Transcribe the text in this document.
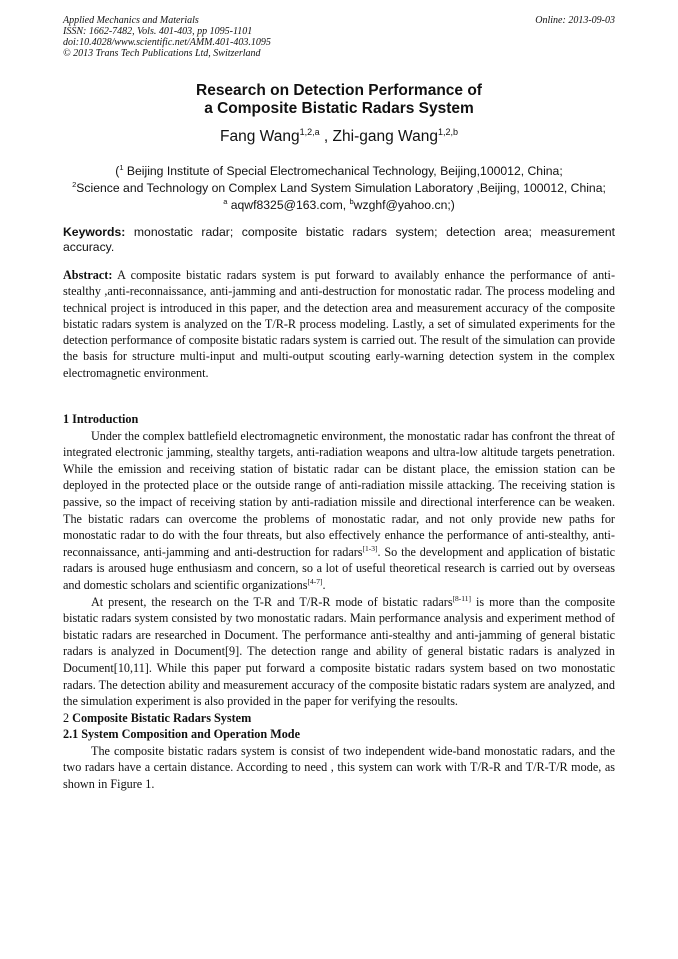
Applied Mechanics and Materials
ISSN: 1662-7482, Vols. 401-403, pp 1095-1101
doi:10.4028/www.scientific.net/AMM.401-403.1095
© 2013 Trans Tech Publications Ltd, Switzerland
Online: 2013-09-03
Research on Detection Performance of
a Composite Bistatic Radars System
Fang Wang$^{1,2,a}$ , Zhi-gang Wang$^{1,2,b}$
($^1$ Beijing Institute of Special Electromechanical Technology, Beijing,100012, China;
$^2$Science and Technology on Complex Land System Simulation Laboratory ,Beijing, 100012, China;
$^a$ aqwf8325@163.com, $^b$wzghf@yahoo.cn;)
Keywords: monostatic radar; composite bistatic radars system; detection area; measurement accuracy.
Abstract: A composite bistatic radars system is put forward to availably enhance the performance of anti-stealthy ,anti-reconnaissance, anti-jamming and anti-destruction for monostatic radar. The process modeling and technical project is introduced in this paper, and the detection area and measurement accuracy of the composite bistatic radars system is analyzed on the T/R-R process modeling. Lastly, a set of simulated experiments for the detection performance of composite bistatic radars system is carried out. The result of the simulation can provide the basis for structure multi-input and multi-output scouting early-warning detection system in the complex electromagnetic environment.
1 Introduction

Under the complex battlefield electromagnetic environment, the monostatic radar has confront the threat of integrated electronic jamming, stealthy targets, anti-radiation weapons and ultra-low altitude targets penetration. While the emission and receiving station of bistatic radar can be distant place, the emission station can be deployed in the protected place or the outside range of anti-radiation missile attacking. The receiving station is passive, so the impact of receiving station by anti-radiation missile and directional interference can be weaken. The bistatic radars can overcome the problems of monostatic radar, and not only provide new paths for monostatic radar to do with the four threats, but also effectively enhance the performance of anti-stealthy, anti-reconnaissance, anti-jamming and anti-destruction for radars[1-3]. So the development and application of bistatic radars is aroused huge enthusiasm and concern, so a lot of useful theoretical research is carried out by overseas and domestic scholars and scientific organizations[4-7].

At present, the research on the T-R and T/R-R mode of bistatic radars[8-11] is more than the composite bistatic radars system consisted by two monostatic radars. Main performance analysis and experiment method of bistatic radars are researched in Document. The performance anti-stealthy and anti-jamming of general bistatic radars is analyzed in Document[9]. The detection range and ability of general bistatic radars is analyzed in Document[10,11]. While this paper put forward a composite bistatic radars system based on two monostatic radars. The detection ability and measurement accuracy of the composite bistatic radars system are analyzed, and the simulation experiment is also provided in the paper for verifying the resoults.

2 Composite Bistatic Radars System
2.1 System Composition and Operation Mode

The composite bistatic radars system is consist of two independent wide-band monostatic radars, and the two radars have a certain distance. According to need , this system can work with T/R-R and T/R-T/R mode, as shown in Figure 1.
